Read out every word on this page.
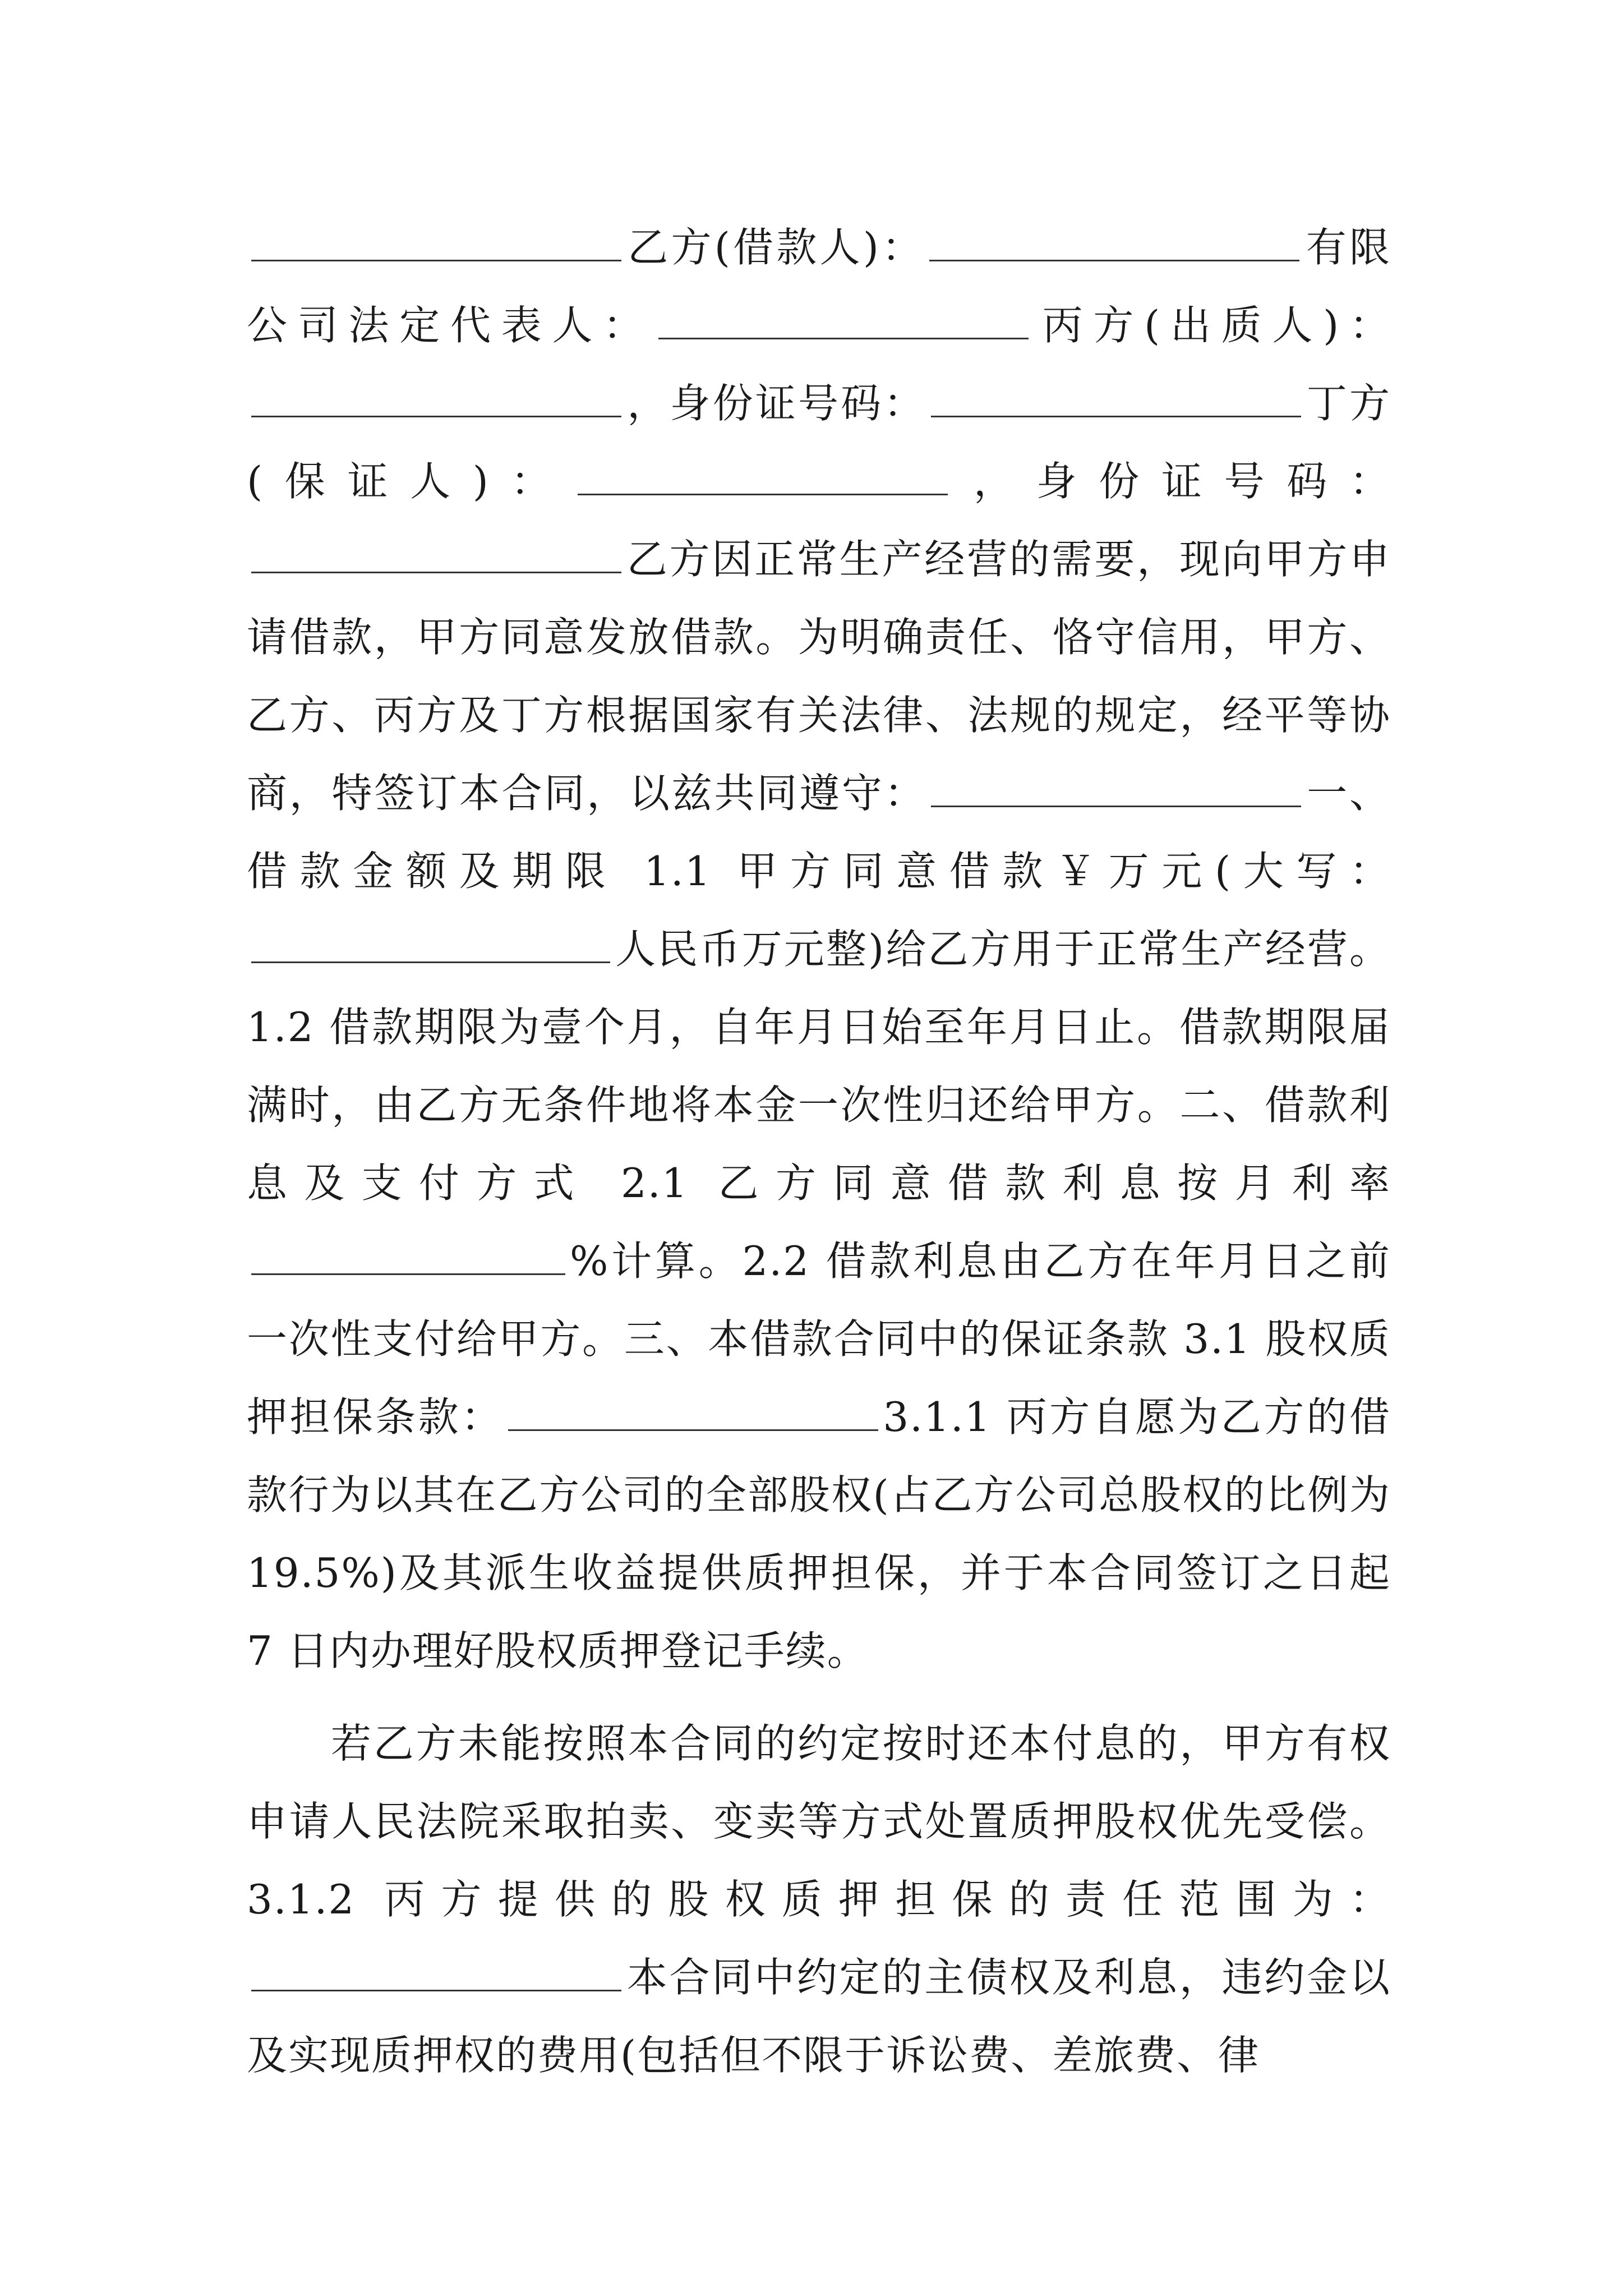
乙方(借款人)：	有限公司法定代表人：	丙方(出质人)：，身份证号码：	丁方(保证人)：	，身份证号码：乙方因正常生产经营的需要，现向甲方申请借款，甲方同意发放借款。为明确责任、恪守信用，甲方、乙方、丙方及丁方根据国家有关法律、法规的规定，经平等协商，特签订本合同，以兹共同遵守：	一、借款金额及期限 1.1 甲方同意借款￥万元(大写：人民币万元整)给乙方用于正常生产经营。1.2 借款期限为壹个月，自年月日始至年月日止。借款期限届满时，由乙方无条件地将本金一次性归还给甲方。二、借款利息及支付方式 2.1 乙方同意借款利息按月利率%计算。2.2 借款利息由乙方在年月日之前一次性支付给甲方。三、本借款合同中的保证条款 3.1 股权质押担保条款：	3.1.1 丙方自愿为乙方的借款行为以其在乙方公司的全部股权(占乙方公司总股权的比例为 19.5%)及其派生收益提供质押担保，并于本合同签订之日起 7 日内办理好股权质押登记手续。

若乙方未能按照本合同的约定按时还本付息的，甲方有权申请人民法院采取拍卖、变卖等方式处置质押股权优先受偿。3.1.2 丙方提供的股权质押担保的责任范围为：本合同中约定的主债权及利息，违约金以及实现质押权的费用(包括但不限于诉讼费、差旅费、律
